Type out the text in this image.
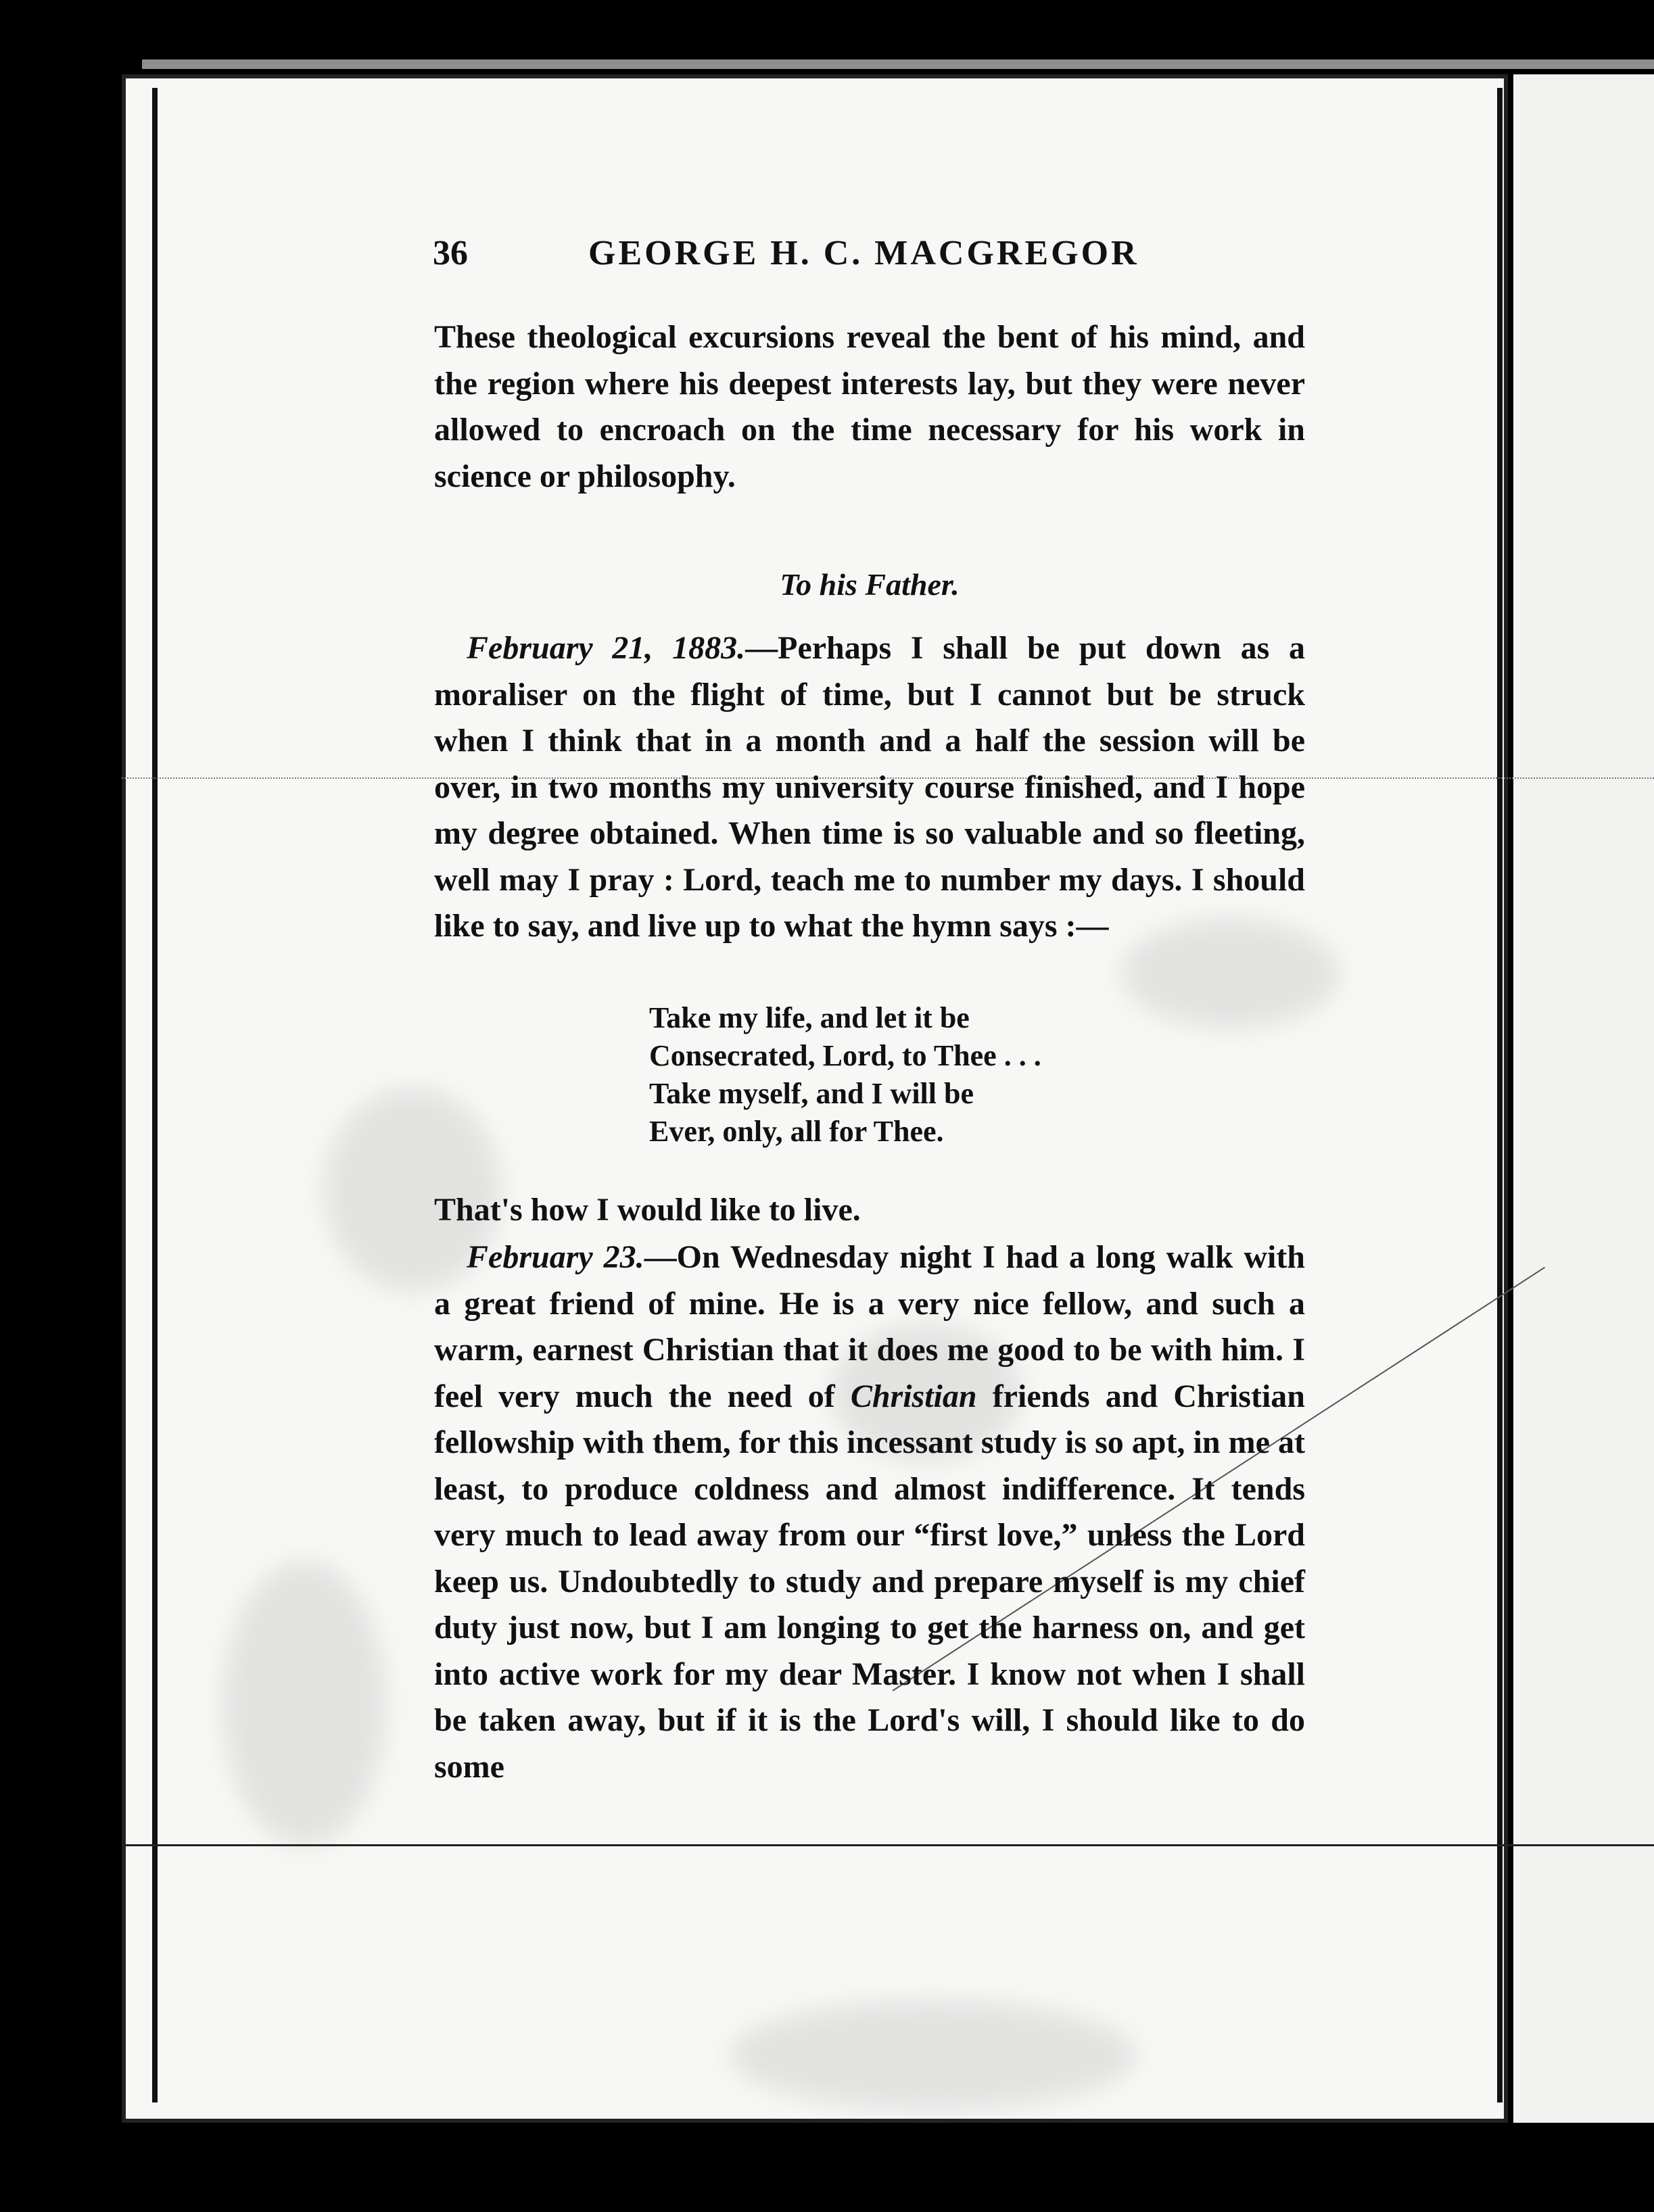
36	GEORGE H. C. MACGREGOR

These theological excursions reveal the bent of his mind, and the region where his deepest interests lay, but they were never allowed to encroach on the time necessary for his work in science or philosophy.

To his Father.

February 21, 1883.—Perhaps I shall be put down as a moraliser on the flight of time, but I cannot but be struck when I think that in a month and a half the session will be over, in two months my university course finished, and I hope my degree obtained. When time is so valuable and so fleeting, well may I pray : Lord, teach me to number my days. I should like to say, and live up to what the hymn says :—

Take my life, and let it be
Consecrated, Lord, to Thee . . .
Take myself, and I will be
Ever, only, all for Thee.

That's how I would like to live.

February 23.—On Wednesday night I had a long walk with a great friend of mine. He is a very nice fellow, and such a warm, earnest Christian that it does me good to be with him. I feel very much the need of Christian friends and Christian fellowship with them, for this incessant study is so apt, in me at least, to produce coldness and almost indifference. It tends very much to lead away from our “first love,” unless the Lord keep us. Undoubtedly to study and prepare myself is my chief duty just now, but I am longing to get the harness on, and get into active work for my dear Master. I know not when I shall be taken away, but if it is the Lord's will, I should like to do some
